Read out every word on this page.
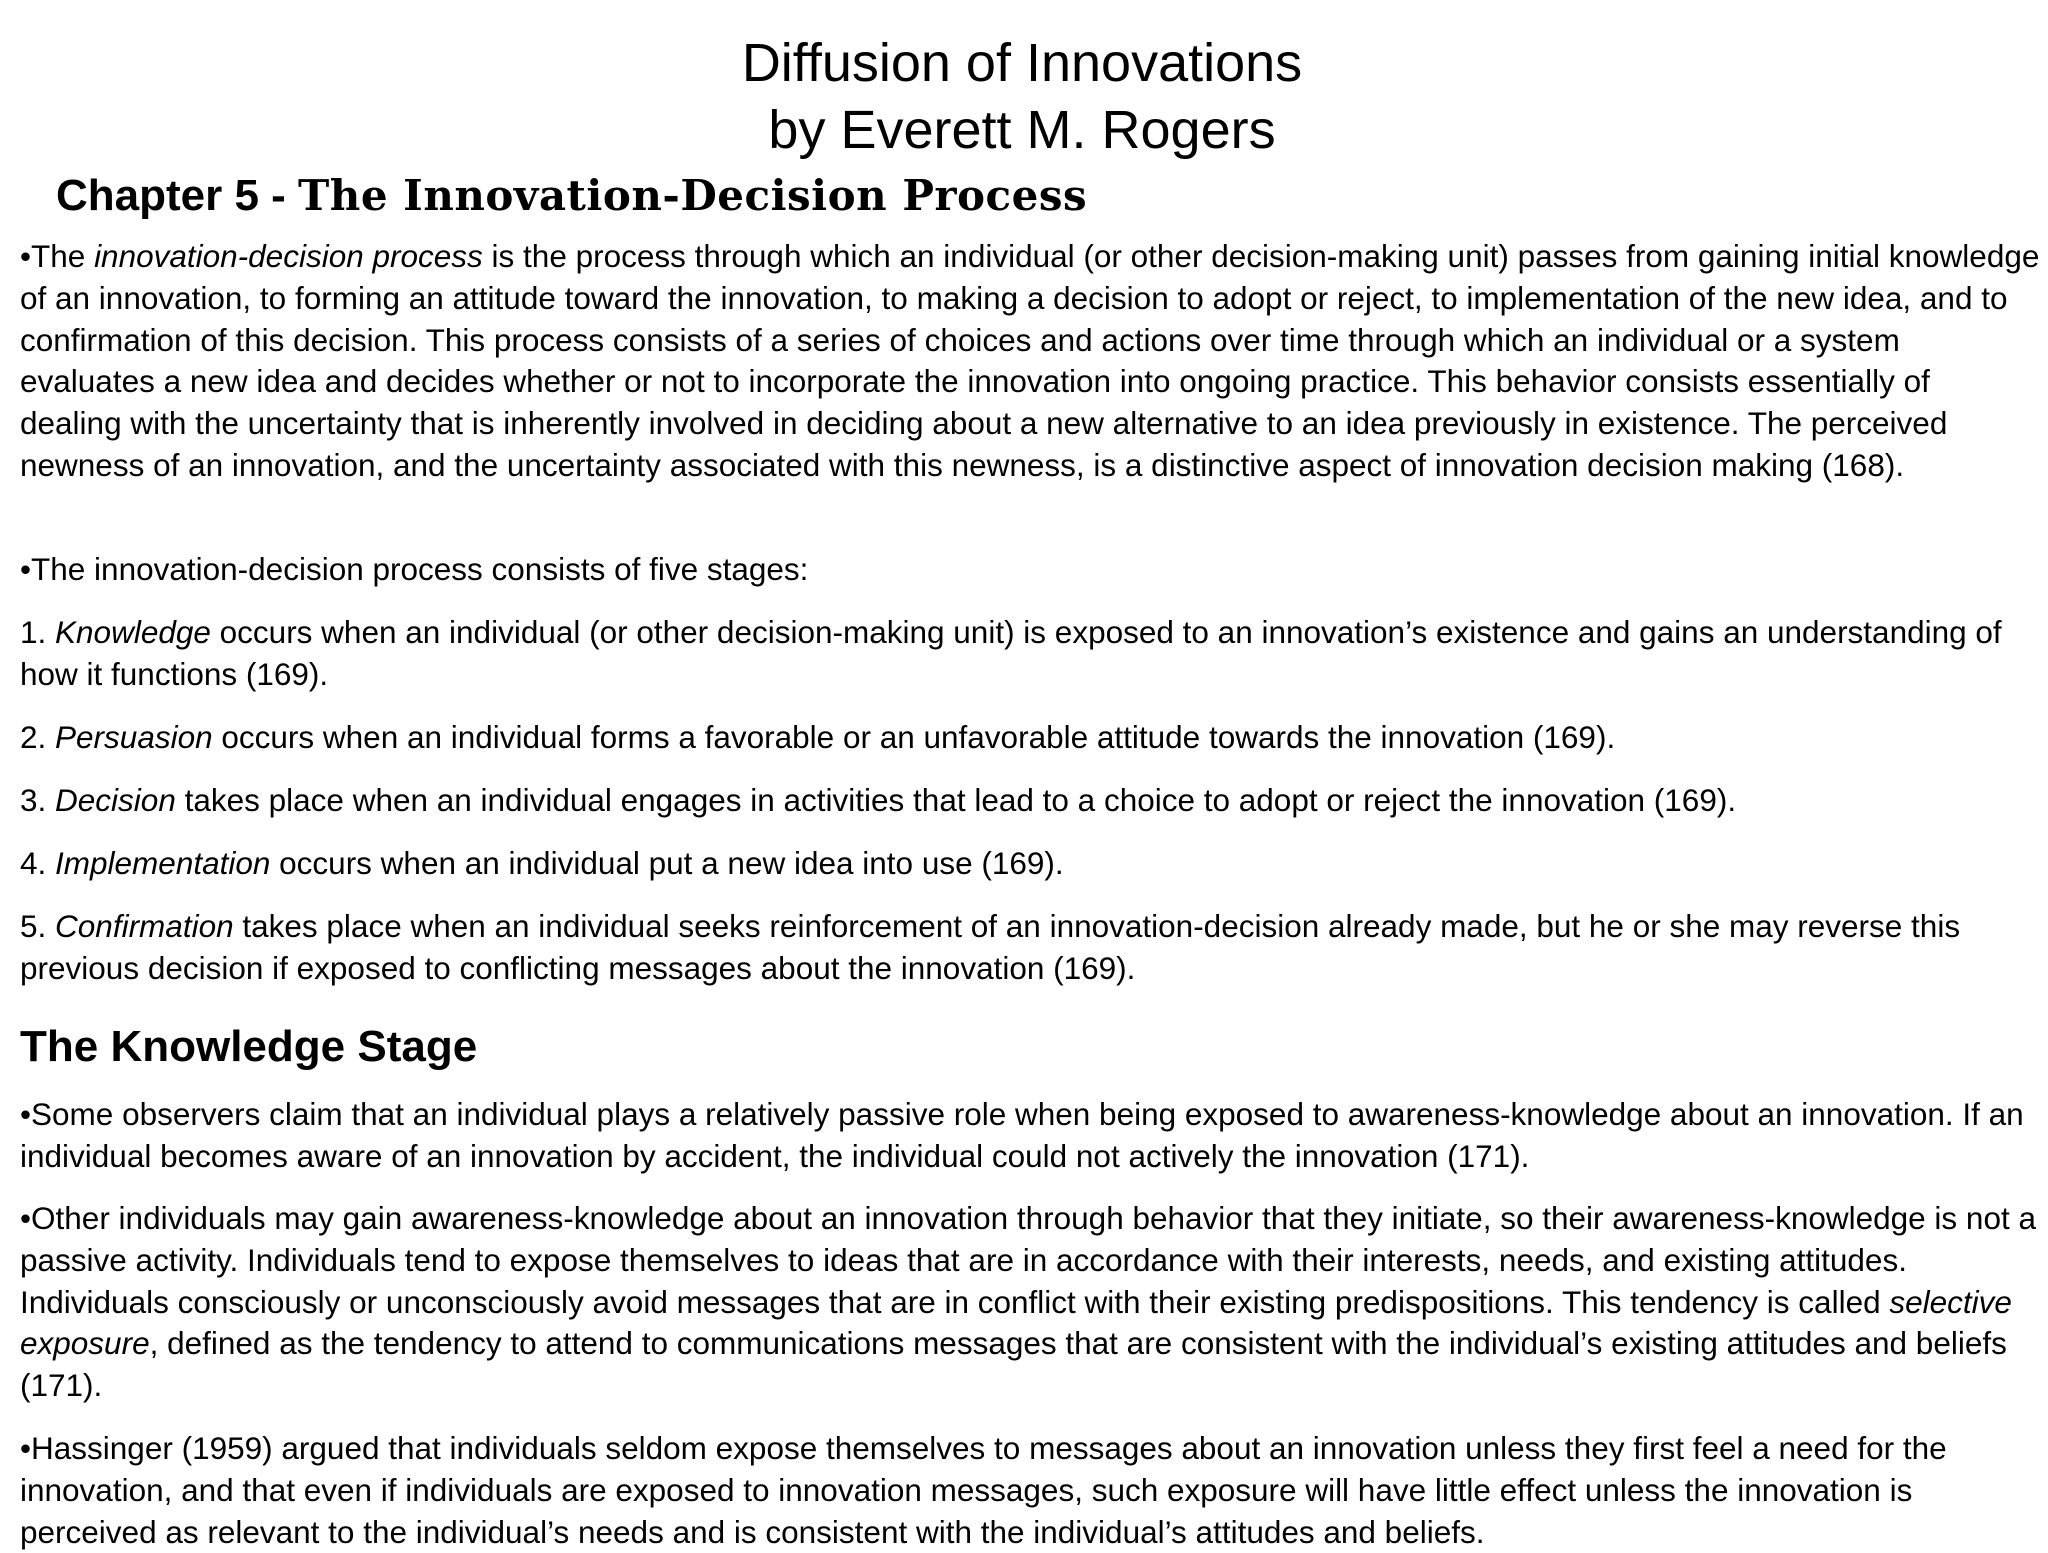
Diffusion of Innovations
by Everett M. Rogers
Chapter 5 - The Innovation-Decision Process
•The innovation-decision process is the process through which an individual (or other decision-making unit) passes from gaining initial knowledge of an innovation, to forming an attitude toward the innovation, to making a decision to adopt or reject, to implementation of the new idea, and to confirmation of this decision. This process consists of a series of choices and actions over time through which an individual or a system evaluates a new idea and decides whether or not to incorporate the innovation into ongoing practice. This behavior consists essentially of dealing with the uncertainty that is inherently involved in deciding about a new alternative to an idea previously in existence. The perceived newness of an innovation, and the uncertainty associated with this newness, is a distinctive aspect of innovation decision making (168).
•The innovation-decision process consists of five stages:
1. Knowledge occurs when an individual (or other decision-making unit) is exposed to an innovation’s existence and gains an understanding of how it functions (169).
2. Persuasion occurs when an individual forms a favorable or an unfavorable attitude towards the innovation (169).
3. Decision takes place when an individual engages in activities that lead to a choice to adopt or reject the innovation (169).
4. Implementation occurs when an individual put a new idea into use (169).
5. Confirmation takes place when an individual seeks reinforcement of an innovation-decision already made, but he or she may reverse this previous decision if exposed to conflicting messages about the innovation (169).
The Knowledge Stage
•Some observers claim that an individual plays a relatively passive role when being exposed to awareness-knowledge about an innovation. If an individual becomes aware of an innovation by accident, the individual could not actively the innovation (171).
•Other individuals may gain awareness-knowledge about an innovation through behavior that they initiate, so their awareness-knowledge is not a passive activity. Individuals tend to expose themselves to ideas that are in accordance with their interests, needs, and existing attitudes. Individuals consciously or unconsciously avoid messages that are in conflict with their existing predispositions. This tendency is called selective exposure, defined as the tendency to attend to communications messages that are consistent with the individual’s existing attitudes and beliefs (171).
•Hassinger (1959) argued that individuals seldom expose themselves to messages about an innovation unless they first feel a need for the innovation, and that even if individuals are exposed to innovation messages, such exposure will have little effect unless the innovation is perceived as relevant to the individual’s needs and is consistent with the individual’s attitudes and beliefs.
